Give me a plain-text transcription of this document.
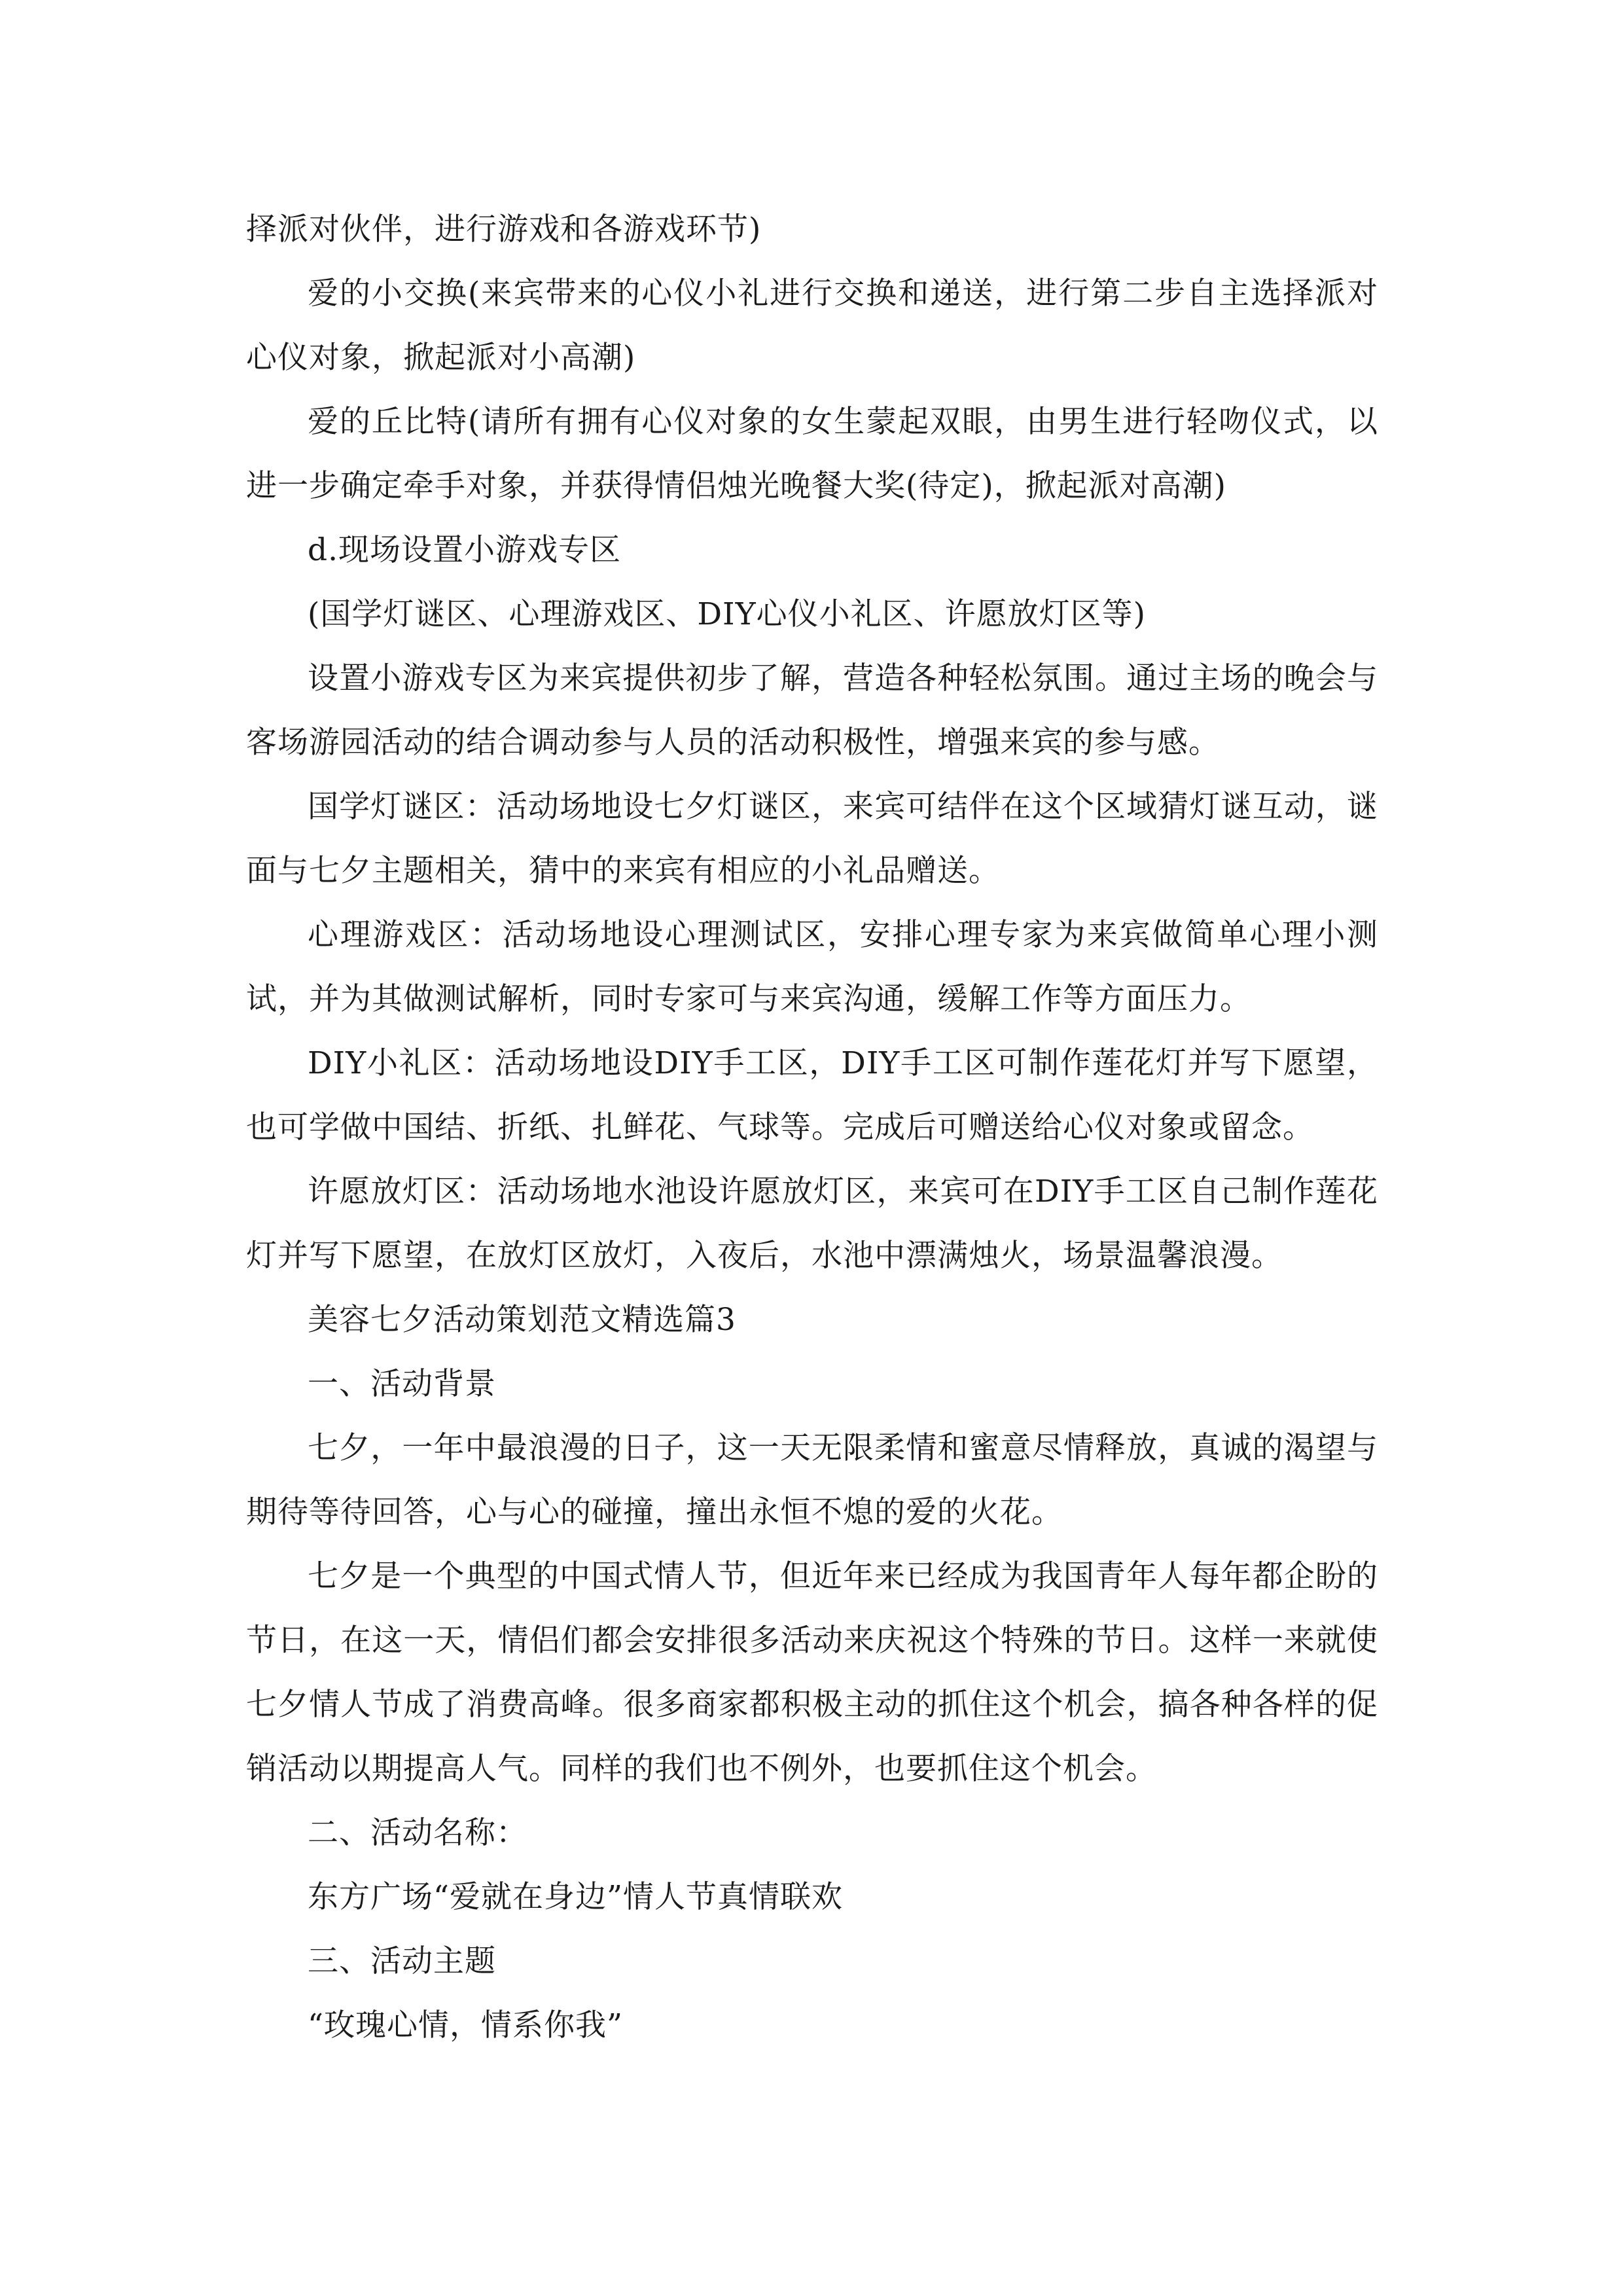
择派对伙伴，进行游戏和各游戏环节)

爱的小交换(来宾带来的心仪小礼进行交换和递送，进行第二步自主选择派对心仪对象，掀起派对小高潮)

爱的丘比特(请所有拥有心仪对象的女生蒙起双眼，由男生进行轻吻仪式，以进一步确定牵手对象，并获得情侣烛光晚餐大奖(待定)，掀起派对高潮)

d.现场设置小游戏专区

(国学灯谜区、心理游戏区、DIY心仪小礼区、许愿放灯区等)

设置小游戏专区为来宾提供初步了解，营造各种轻松氛围。通过主场的晚会与客场游园活动的结合调动参与人员的活动积极性，增强来宾的参与感。

国学灯谜区：活动场地设七夕灯谜区，来宾可结伴在这个区域猜灯谜互动，谜面与七夕主题相关，猜中的来宾有相应的小礼品赠送。

心理游戏区：活动场地设心理测试区，安排心理专家为来宾做简单心理小测试，并为其做测试解析，同时专家可与来宾沟通，缓解工作等方面压力。

DIY小礼区：活动场地设DIY手工区，DIY手工区可制作莲花灯并写下愿望，也可学做中国结、折纸、扎鲜花、气球等。完成后可赠送给心仪对象或留念。

许愿放灯区：活动场地水池设许愿放灯区，来宾可在DIY手工区自己制作莲花灯并写下愿望，在放灯区放灯，入夜后，水池中漂满烛火，场景温馨浪漫。

美容七夕活动策划范文精选篇3

一、活动背景

七夕，一年中最浪漫的日子，这一天无限柔情和蜜意尽情释放，真诚的渴望与期待等待回答，心与心的碰撞，撞出永恒不熄的爱的火花。

七夕是一个典型的中国式情人节，但近年来已经成为我国青年人每年都企盼的节日，在这一天，情侣们都会安排很多活动来庆祝这个特殊的节日。这样一来就使七夕情人节成了消费高峰。很多商家都积极主动的抓住这个机会，搞各种各样的促销活动以期提高人气。同样的我们也不例外，也要抓住这个机会。

二、活动名称：

东方广场“爱就在身边”情人节真情联欢

三、活动主题

“玫瑰心情，情系你我”
